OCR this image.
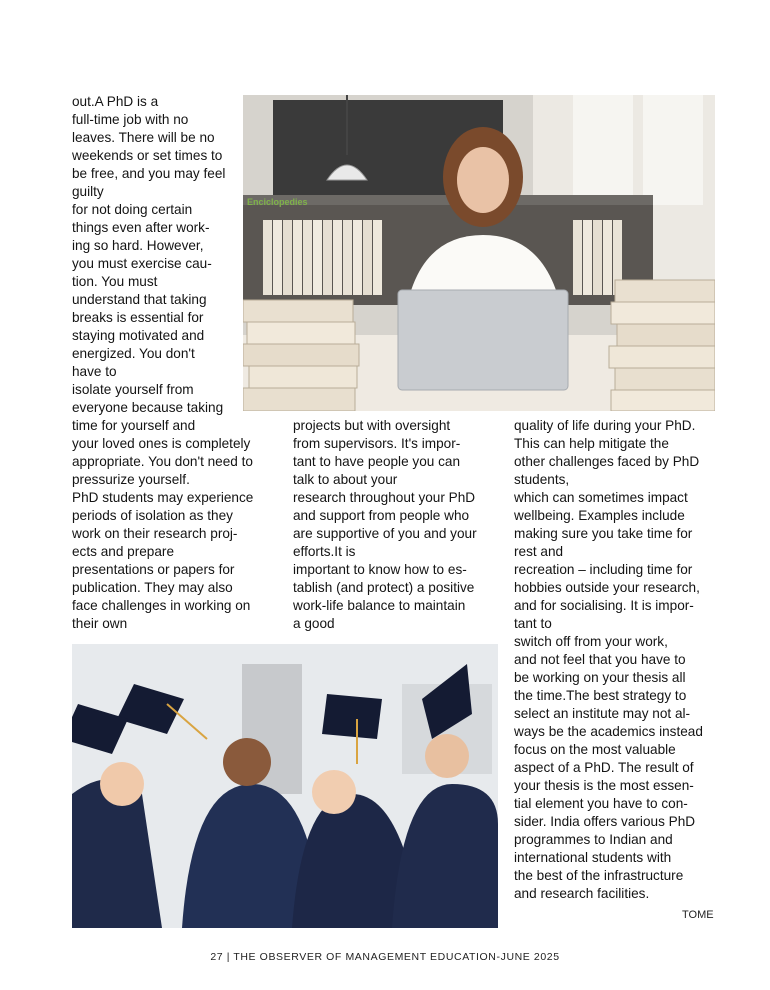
out.A PhD is a
full-time job with no
leaves. There will be no
weekends or set times to
be free, and you may feel
guilty
for not doing certain
things even after work-
ing so hard. However,
you must exercise cau-
tion. You must
understand that taking
breaks is essential for
staying motivated and
energized. You don't
have to
isolate yourself from
everyone because taking
time for yourself and
your loved ones is completely
appropriate. You don't need to
pressurize yourself.
PhD students may experience
periods of isolation as they
work on their research proj-
ects and prepare
presentations or papers for
publication. They may also
face challenges in working on
their own
projects but with oversight
from supervisors. It's impor-
tant to have people you can
talk to about your
research throughout your PhD
and support from people who
are supportive of you and your
efforts.It is
important to know how to es-
tablish (and protect) a positive
work-life balance to maintain
a good
quality of life during your PhD.
This can help mitigate the
other challenges faced by PhD
students,
which can sometimes impact
wellbeing. Examples include
making sure you take time for
rest and
recreation – including time for
hobbies outside your research,
and for socialising. It is impor-
tant to
switch off from your work,
and not feel that you have to
be working on your thesis all
the time.The best strategy to
select an institute may not al-
ways be the academics instead
focus on the most valuable
aspect of a PhD. The result of
your thesis is the most essen-
tial element you have to con-
sider. India offers various PhD
programmes to Indian and
international students with
the best of the infrastructure
and research facilities.
Enciclopedies
TOME
27 | THE OBSERVER OF MANAGEMENT EDUCATION-JUNE 2025
